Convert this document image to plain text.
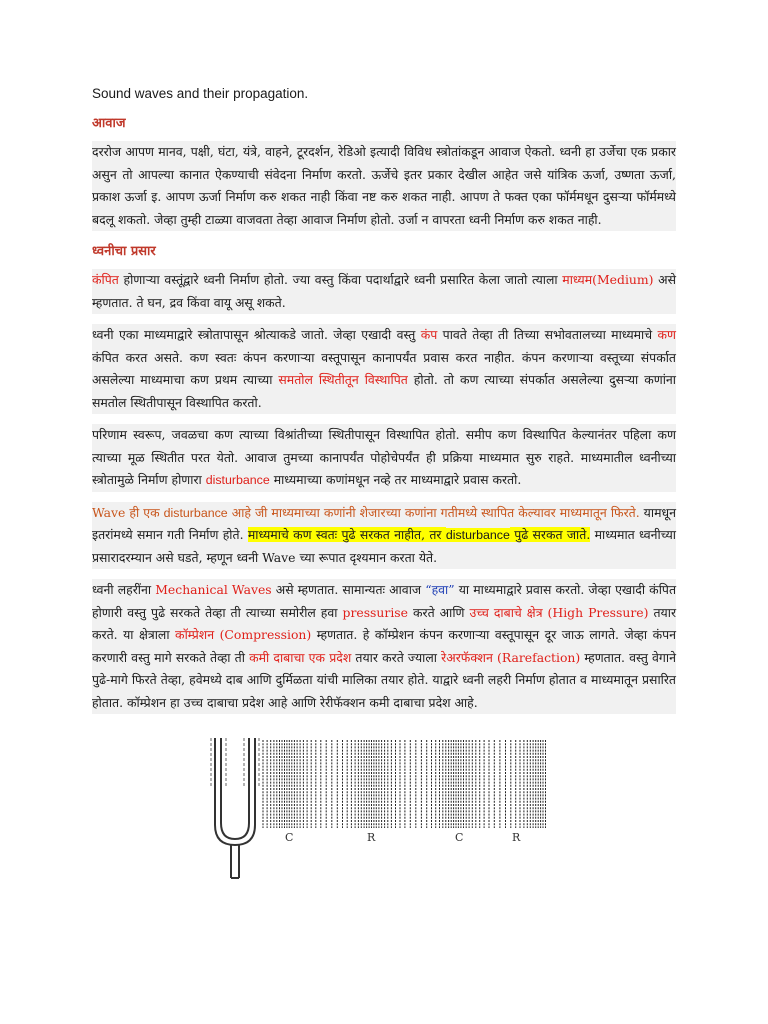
Sound waves and their propagation.
आवाज

दररोज आपण मानव, पक्षी, घंटा, यंत्रे, वाहने, टूरदर्शन, रेडिओ इत्यादी विविध स्त्रोतांकडून आवाज ऐकतो. ध्वनी हा उर्जेचा एक प्रकार असुन तो आपल्या कानात ऐकण्याची संवेदना निर्माण करतो. ऊर्जेचे इतर प्रकार देखील आहेत जसे यांत्रिक ऊर्जा, उष्णता ऊर्जा, प्रकाश ऊर्जा इ. आपण ऊर्जा निर्माण करु शकत नाही किंवा नष्ट करु शकत नाही. आपण ते फक्त एका फॉर्ममधून दुसऱ्या फॉर्ममध्ये बदलू शकतो. जेव्हा तुम्ही टाळ्या वाजवता तेव्हा आवाज निर्माण होतो. उर्जा न वापरता ध्वनी निर्माण करु शकत नाही.

ध्वनीचा प्रसार

कंपित होणाऱ्या वस्तूंद्वारे ध्वनी निर्माण होतो. ज्या वस्तु किंवा पदार्थाद्वारे ध्वनी प्रसारित केला जातो त्याला माध्यम(Medium) असे म्हणतात. ते घन, द्रव किंवा वायू असू शकते.

ध्वनी एका माध्यमाद्वारे स्त्रोतापासून श्रोत्याकडे जातो. जेव्हा एखादी वस्तु कंप पावते तेव्हा ती तिच्या सभोवतालच्या माध्यमाचे कण कंपित करत असते. कण स्वतः कंपन करणाऱ्या वस्तूपासून कानापर्यंत प्रवास करत नाहीत. कंपन करणाऱ्या वस्तूच्या संपर्कात असलेल्या माध्यमाचा कण प्रथम त्याच्या समतोल स्थितीतून विस्थापित होतो. तो कण त्याच्या संपर्कात असलेल्या दुसऱ्या कणांना समतोल स्थितीपासून विस्थापित करतो.

परिणाम स्वरूप, जवळचा कण त्याच्या विश्रांतीच्या स्थितीपासून विस्थापित होतो. समीप कण विस्थापित केल्यानंतर पहिला कण त्याच्या मूळ स्थितीत परत येतो. आवाज तुमच्या कानापर्यंत पोहोचेपर्यंत ही प्रक्रिया माध्यमात सुरु राहते. माध्यमातील ध्वनीच्या स्त्रोतामुळे निर्माण होणारा disturbance माध्यमाच्या कणांमधून नव्हे तर माध्यमाद्वारे प्रवास करतो.

Wave ही एक disturbance आहे जी माध्यमाच्या कणांनी शेजारच्या कणांना गतीमध्ये स्थापित केल्यावर माध्यमातून फिरते. यामधून इतरांमध्ये समान गती निर्माण होते. माध्यमाचे कण स्वतः पुढे सरकत नाहीत, तर disturbance पुढे सरकत जाते. माध्यमात ध्वनीच्या प्रसारादरम्यान असे घडते, म्हणून ध्वनी Wave च्या रूपात दृश्यमान करता येते.

ध्वनी लहरींना Mechanical Waves असे म्हणतात. सामान्यतः आवाज “हवा” या माध्यमाद्वारे प्रवास करतो. जेव्हा एखादी कंपित होणारी वस्तु पुढे सरकते तेव्हा ती त्याच्या समोरील हवा pressurise करते आणि उच्च दाबाचे क्षेत्र (High Pressure) तयार करते. या क्षेत्राला कॉम्प्रेशन (Compression) म्हणतात. हे कॉम्प्रेशन कंपन करणाऱ्या वस्तूपासून दूर जाऊ लागते. जेव्हा कंपन करणारी वस्तु मागे सरकते तेव्हा ती कमी दाबाचा एक प्रदेश तयार करते ज्याला रेअरफॅक्शन (Rarefaction) म्हणतात. वस्तु वेगाने पुढे-मागे फिरते तेव्हा, हवेमध्ये दाब आणि दुर्मिळता यांची मालिका तयार होते. याद्वारे ध्वनी लहरी निर्माण होतात व माध्यमातून प्रसारित होतात. कॉम्प्रेशन हा उच्च दाबाचा प्रदेश आहे आणि रेरीफॅक्शन कमी दाबाचा प्रदेश आहे.

C	R	C	R
